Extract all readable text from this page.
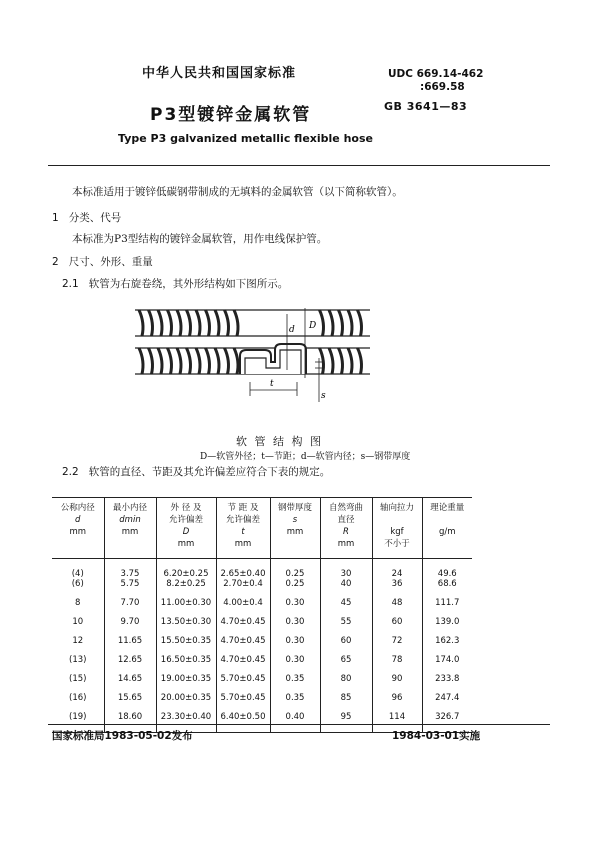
中华人民共和国国家标准	UDC 669.14-462
:669.58
GB 3641—83
P3型镀锌金属软管
Type P3 galvanized metallic flexible hose
本标准适用于镀锌低碳钢带制成的无填料的金属软管（以下简称软管）。
1 分类、代号
本标准为P3型结构的镀锌金属软管，用作电线保护管。
2 尺寸、外形、重量
2.1 软管为右旋卷绕，其外形结构如下图所示。
D
d
t
s
软 管 结 构 图
D—软管外径；t—节距；d—软管内径；s—钢带厚度
2.2 软管的直径、节距及其允许偏差应符合下表的规定。
公称内径
d
mm	最小内径
dmin
mm	外 径 及
允许偏差
D
mm	节 距 及
允许偏差
t
mm	钢带厚度
s
mm	自然弯曲
直径
R
mm	轴向拉力

kgf
不小于	理论重量

g/m
(4)	3.75	6.20±0.25	2.65±0.40	0.25	30	24	49.6
(6)	5.75	8.2±0.25	2.70±0.4	0.25	40	36	68.6
8	7.70	11.00±0.30	4.00±0.4	0.30	45	48	111.7
10	9.70	13.50±0.30	4.70±0.45	0.30	55	60	139.0
12	11.65	15.50±0.35	4.70±0.45	0.30	60	72	162.3
(13)	12.65	16.50±0.35	4.70±0.45	0.30	65	78	174.0
(15)	14.65	19.00±0.35	5.70±0.45	0.35	80	90	233.8
(16)	15.65	20.00±0.35	5.70±0.45	0.35	85	96	247.4
(19)	18.60	23.30±0.40	6.40±0.50	0.40	95	114	326.7
国家标准局1983-05-02发布	1984-03-01实施
